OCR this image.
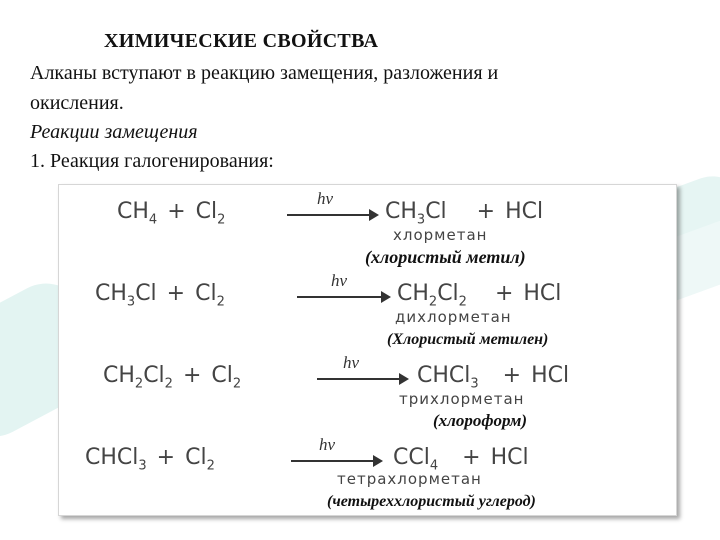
ХИМИЧЕСКИЕ СВОЙСТВА
Алканы вступают в реакцию замещения, разложения и
окисления.
Реакции замещения
1. Реакция галогенирования:
$CH_4 + Cl_2$
hν
$CH_3Cl$ + HCl
хлорметан
(хлористый метил)
$CH_3Cl + Cl_2$
hν
$CH_2Cl_2$ + HCl
дихлорметан
(Хлористый метилен)
$CH_2Cl_2 + Cl_2$
hν
CHCl$_3$ + HCl
трихлорметан
(хлороформ)
CHCl$_3$ + $Cl_2$
hν
CCl$_4$ + HCl
тетрахлорметан
(четыреххлористый углерод)
